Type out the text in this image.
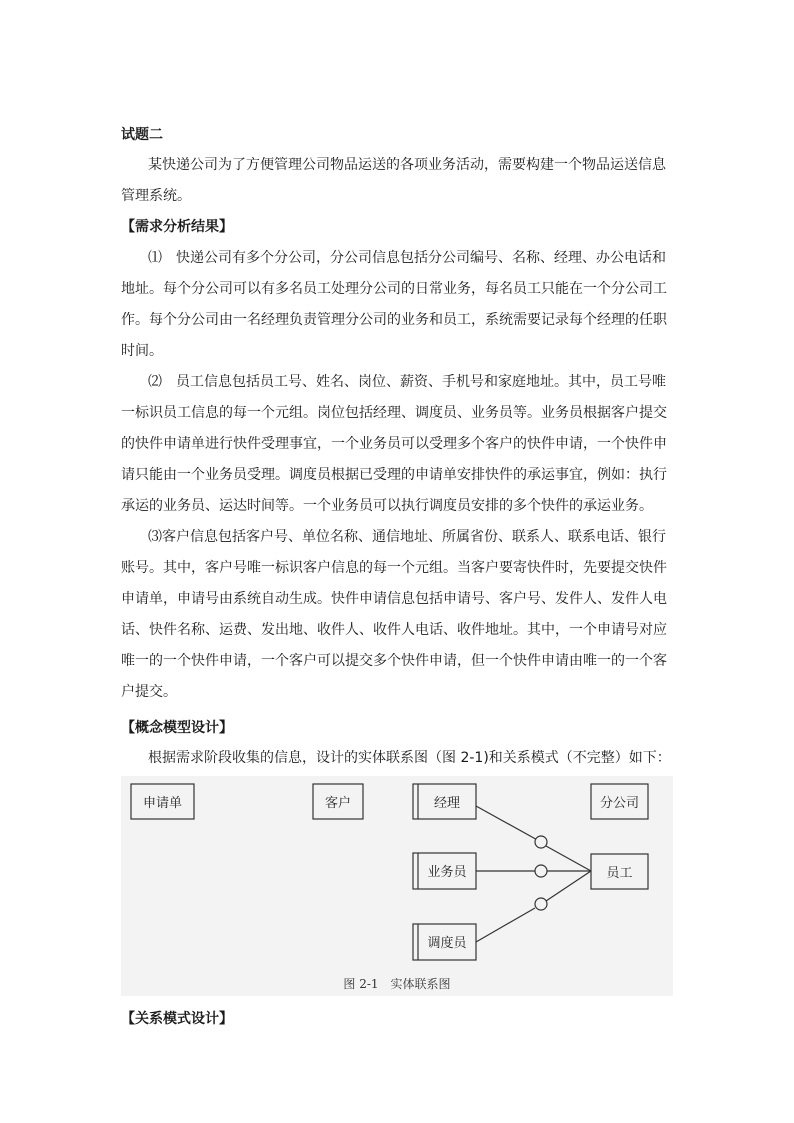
试题二
某快递公司为了方便管理公司物品运送的各项业务活动，需要构建一个物品运送信息
管理系统。
【需求分析结果】
⑴　快递公司有多个分公司，分公司信息包括分公司编号、名称、经理、办公电话和
地址。每个分公司可以有多名员工处理分公司的日常业务，每名员工只能在一个分公司工
作。每个分公司由一名经理负责管理分公司的业务和员工，系统需要记录每个经理的任职
时间。
⑵　员工信息包括员工号、姓名、岗位、薪资、手机号和家庭地址。其中，员工号唯
一标识员工信息的每一个元组。岗位包括经理、调度员、业务员等。业务员根据客户提交
的快件申请单进行快件受理事宜，一个业务员可以受理多个客户的快件申请，一个快件申
请只能由一个业务员受理。调度员根据已受理的申请单安排快件的承运事宜，例如：执行
承运的业务员、运达时间等。一个业务员可以执行调度员安排的多个快件的承运业务。
⑶客户信息包括客户号、单位名称、通信地址、所属省份、联系人、联系电话、银行
账号。其中，客户号唯一标识客户信息的每一个元组。当客户要寄快件时，先要提交快件
申请单，申请号由系统自动生成。快件申请信息包括申请号、客户号、发件人、发件人电
话、快件名称、运费、发出地、收件人、收件人电话、收件地址。其中，一个申请号对应
唯一的一个快件申请，一个客户可以提交多个快件申请，但一个快件申请由唯一的一个客
户提交。
【概念模型设计】
根据需求阶段收集的信息，设计的实体联系图（图 2-1)和关系模式（不完整）如下：
申请单	客户	经理	分公司
业务员	员工
调度员
图 2-1　实体联系图
【关系模式设计】
